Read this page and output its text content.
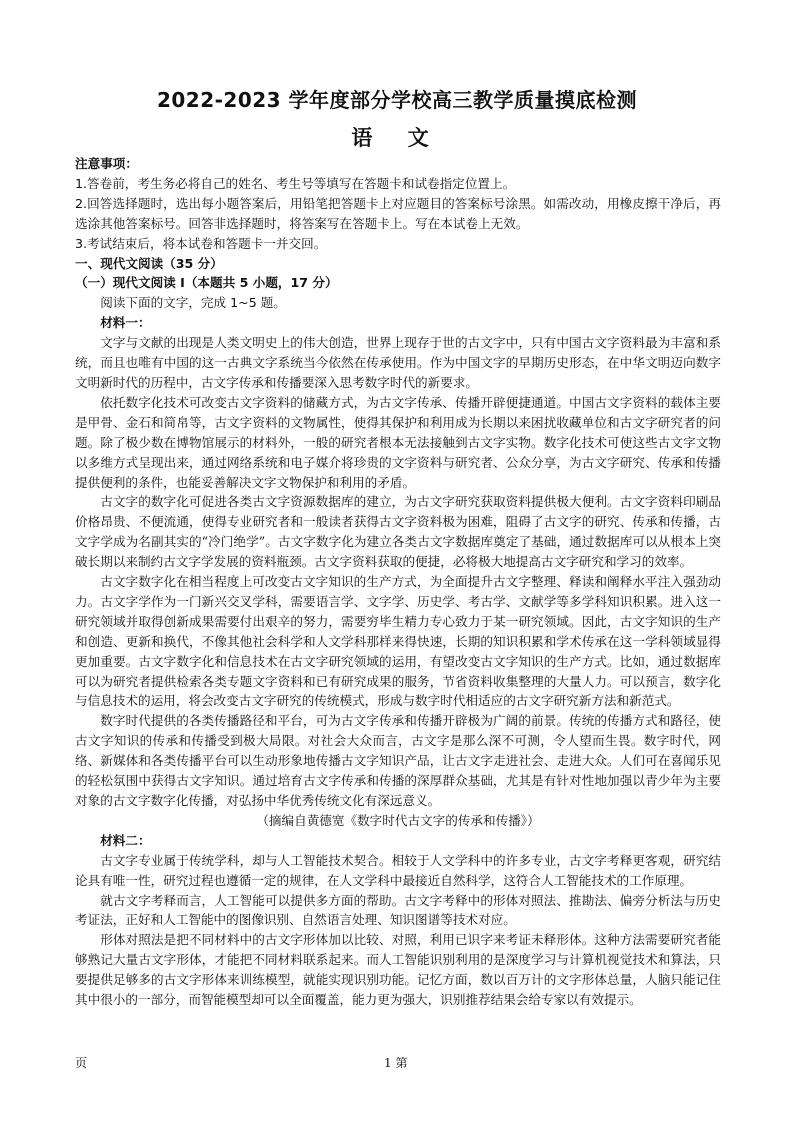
2022-2023 学年度部分学校高三教学质量摸底检测
语 文

注意事项：

1.答卷前，考生务必将自己的姓名、考生号等填写在答题卡和试卷指定位置上。

2.回答选择题时，选出每小题答案后，用铅笔把答题卡上对应题目的答案标号涂黑。如需改动，用橡皮擦干净后，再选涂其他答案标号。回答非选择题时，将答案写在答题卡上。写在本试卷上无效。

3.考试结束后，将本试卷和答题卡一并交回。

一、现代文阅读（35 分）

（一）现代文阅读 I（本题共 5 小题，17 分）

阅读下面的文字，完成 1~5 题。

材料一：

文字与文献的出现是人类文明史上的伟大创造，世界上现存于世的古文字中，只有中国古文字资料最为丰富和系统，而且也唯有中国的这一古典文字系统当今依然在传承使用。作为中国文字的早期历史形态，在中华文明迈向数字文明新时代的历程中，古文字传承和传播要深入思考数字时代的新要求。

依托数字化技术可改变古文字资料的储藏方式，为古文字传承、传播开辟便捷通道。中国古文字资料的载体主要是甲骨、金石和简帛等，古文字资料的文物属性，使得其保护和利用成为长期以来困扰收藏单位和古文字研究者的问题。除了极少数在博物馆展示的材料外，一般的研究者根本无法接触到古文字实物。数字化技术可使这些古文字文物以多维方式呈现出来，通过网络系统和电子媒介将珍贵的文字资料与研究者、公众分享，为古文字研究、传承和传播提供便利的条件，也能妥善解决文字文物保护和利用的矛盾。

古文字的数字化可促进各类古文字资源数据库的建立，为古文字研究获取资料提供极大便利。古文字资料印刷品价格昂贵、不便流通，使得专业研究者和一般读者获得古文字资料极为困难，阻碍了古文字的研究、传承和传播，古文字学成为名副其实的“冷门绝学”。古文字数字化为建立各类古文字数据库奠定了基础，通过数据库可以从根本上突破长期以来制约古文字学发展的资料瓶颈。古文字资料获取的便捷，必将极大地提高古文字研究和学习的效率。

古文字数字化在相当程度上可改变古文字知识的生产方式，为全面提升古文字整理、释读和阐释水平注入强劲动力。古文字学作为一门新兴交叉学科，需要语言学、文字学、历史学、考古学、文献学等多学科知识积累。进入这一研究领域并取得创新成果需要付出艰辛的努力，需要穷毕生精力专心致力于某一研究领域。因此，古文字知识的生产和创造、更新和换代，不像其他社会科学和人文学科那样来得快速，长期的知识积累和学术传承在这一学科领域显得更加重要。古文字数字化和信息技术在古文字研究领域的运用，有望改变古文字知识的生产方式。比如，通过数据库可以为研究者提供检索各类专题文字资料和已有研究成果的服务，节省资料收集整理的大量人力。可以预言，数字化与信息技术的运用，将会改变古文字研究的传统模式，形成与数字时代相适应的古文字研究新方法和新范式。

数字时代提供的各类传播路径和平台，可为古文字传承和传播开辟极为广阔的前景。传统的传播方式和路径，使古文字知识的传承和传播受到极大局限。对社会大众而言，古文字是那么深不可测，令人望而生畏。数字时代，网络、新媒体和各类传播平台可以生动形象地传播古文字知识产品，让古文字走进社会、走进大众。人们可在喜闻乐见的轻松氛围中获得古文字知识。通过培育古文字传承和传播的深厚群众基础，尤其是有针对性地加强以青少年为主要对象的古文字数字化传播，对弘扬中华优秀传统文化有深远意义。

（摘编自黄德宽《数字时代古文字的传承和传播》）

材料二：

古文字专业属于传统学科，却与人工智能技术契合。相较于人文学科中的许多专业，古文字考释更客观，研究结论具有唯一性，研究过程也遵循一定的规律，在人文学科中最接近自然科学，这符合人工智能技术的工作原理。

就古文字考释而言，人工智能可以提供多方面的帮助。古文字考释中的形体对照法、推勘法、偏旁分析法与历史考证法，正好和人工智能中的图像识别、自然语言处理、知识图谱等技术对应。

形体对照法是把不同材料中的古文字形体加以比较、对照，利用已识字来考证未释形体。这种方法需要研究者能够熟记大量古文字形体，才能把不同材料联系起来。而人工智能识别利用的是深度学习与计算机视觉技术和算法，只要提供足够多的古文字形体来训练模型，就能实现识别功能。记忆方面，数以百万计的文字形体总量，人脑只能记住其中很小的一部分，而智能模型却可以全面覆盖，能力更为强大，识别推荐结果会给专家以有效提示。

页	1 第
